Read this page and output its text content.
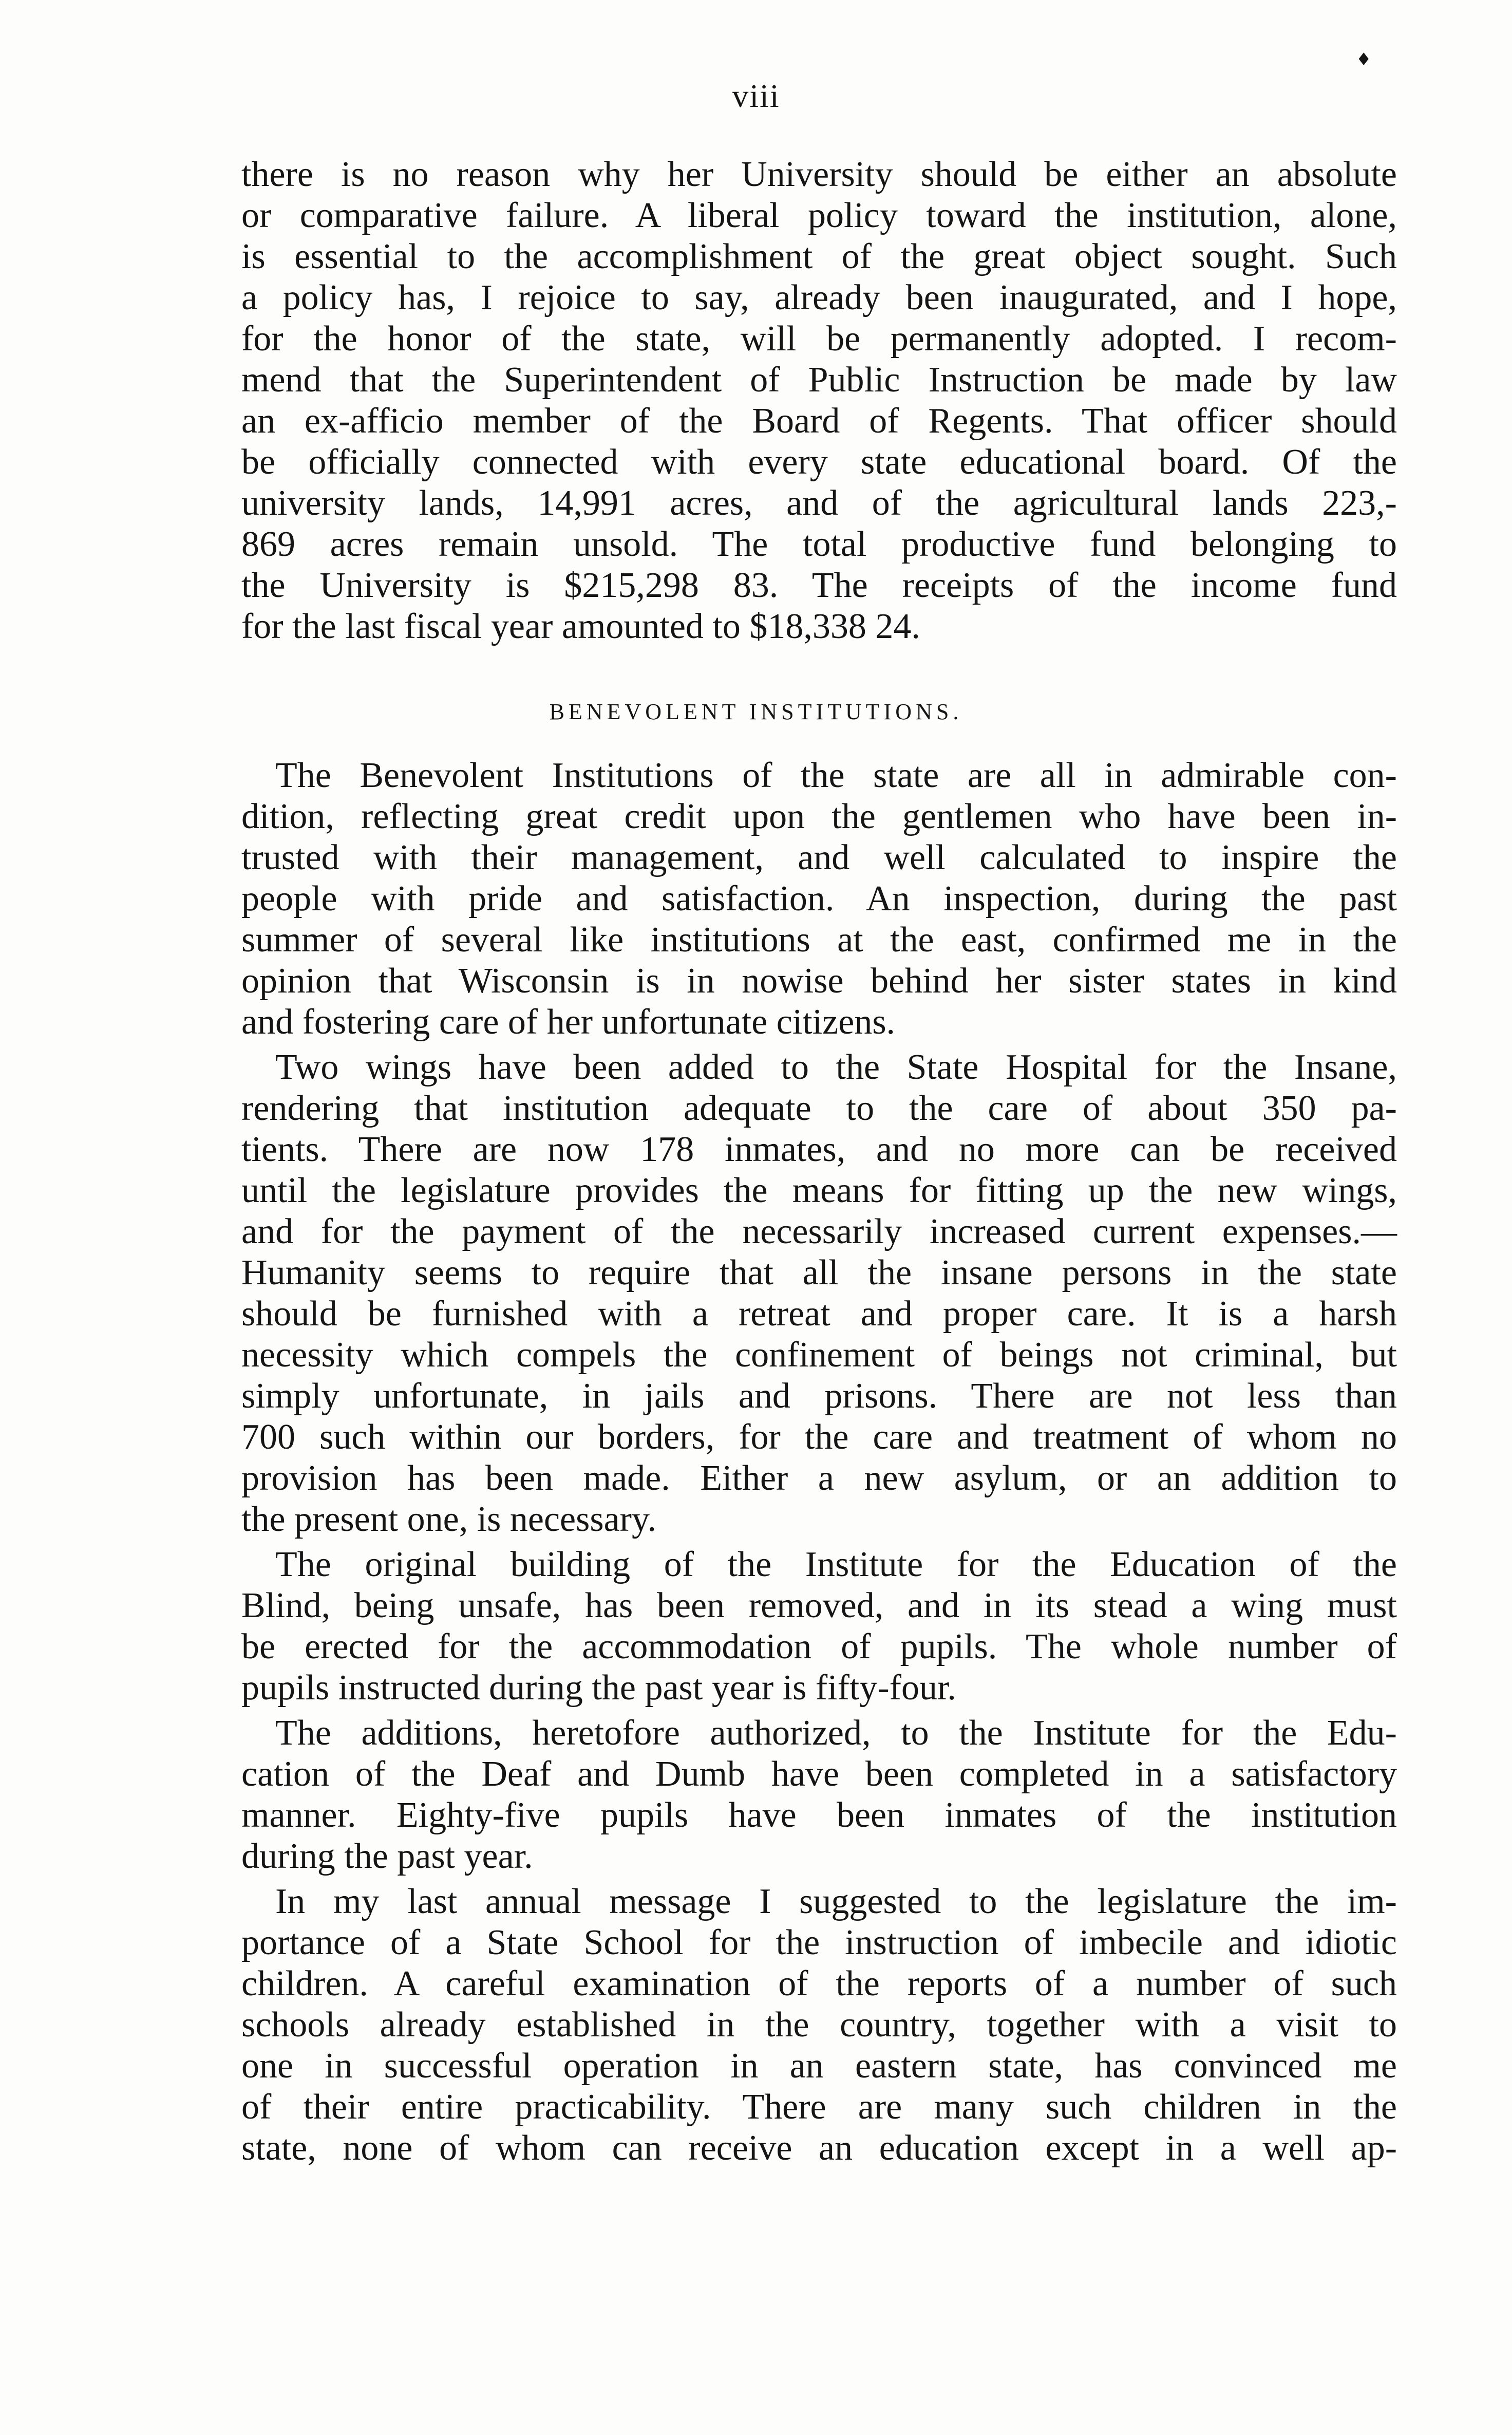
♦
viii
there is no reason why her University should be either an absolute
or comparative failure. A liberal policy toward the institution, alone,
is essential to the accomplishment of the great object sought. Such
a policy has, I rejoice to say, already been inaugurated, and I hope,
for the honor of the state, will be permanently adopted. I recom-
mend that the Superintendent of Public Instruction be made by law
an ex-afficio member of the Board of Regents. That officer should
be officially connected with every state educational board. Of the
university lands, 14,991 acres, and of the agricultural lands 223,-
869 acres remain unsold. The total productive fund belonging to
the University is $215,298 83. The receipts of the income fund
for the last fiscal year amounted to $18,338 24.
BENEVOLENT INSTITUTIONS.
The Benevolent Institutions of the state are all in admirable con-
dition, reflecting great credit upon the gentlemen who have been in-
trusted with their management, and well calculated to inspire the
people with pride and satisfaction. An inspection, during the past
summer of several like institutions at the east, confirmed me in the
opinion that Wisconsin is in nowise behind her sister states in kind
and fostering care of her unfortunate citizens.
Two wings have been added to the State Hospital for the Insane,
rendering that institution adequate to the care of about 350 pa-
tients. There are now 178 inmates, and no more can be received
until the legislature provides the means for fitting up the new wings,
and for the payment of the necessarily increased current expenses.—
Humanity seems to require that all the insane persons in the state
should be furnished with a retreat and proper care. It is a harsh
necessity which compels the confinement of beings not criminal, but
simply unfortunate, in jails and prisons. There are not less than
700 such within our borders, for the care and treatment of whom no
provision has been made. Either a new asylum, or an addition to
the present one, is necessary.
The original building of the Institute for the Education of the
Blind, being unsafe, has been removed, and in its stead a wing must
be erected for the accommodation of pupils. The whole number of
pupils instructed during the past year is fifty-four.
The additions, heretofore authorized, to the Institute for the Edu-
cation of the Deaf and Dumb have been completed in a satisfactory
manner. Eighty-five pupils have been inmates of the institution
during the past year.
In my last annual message I suggested to the legislature the im-
portance of a State School for the instruction of imbecile and idiotic
children. A careful examination of the reports of a number of such
schools already established in the country, together with a visit to
one in successful operation in an eastern state, has convinced me
of their entire practicability. There are many such children in the
state, none of whom can receive an education except in a well ap-
